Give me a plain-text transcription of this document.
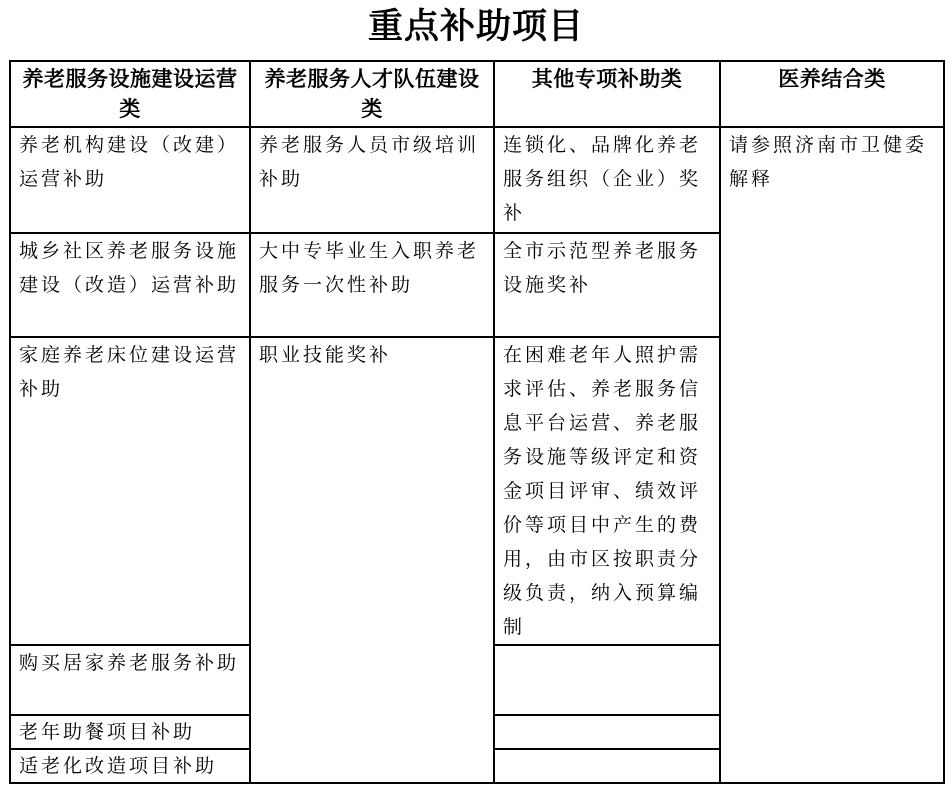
重点补助项目
养老服务设施建设运营类	养老服务人才队伍建设类	其他专项补助类	医养结合类
养老机构建设（改建）运营补助	养老服务人员市级培训补助	连锁化、品牌化养老服务组织（企业）奖补	请参照济南市卫健委解释
城乡社区养老服务设施建设（改造）运营补助	大中专毕业生入职养老服务一次性补助	全市示范型养老服务设施奖补	
家庭养老床位建设运营补助	职业技能奖补	在困难老年人照护需求评估、养老服务信息平台运营、养老服务设施等级评定和资金项目评审、绩效评价等项目中产生的费用，由市区按职责分级负责，纳入预算编制	
购买居家养老服务补助			
老年助餐项目补助			
适老化改造项目补助			
